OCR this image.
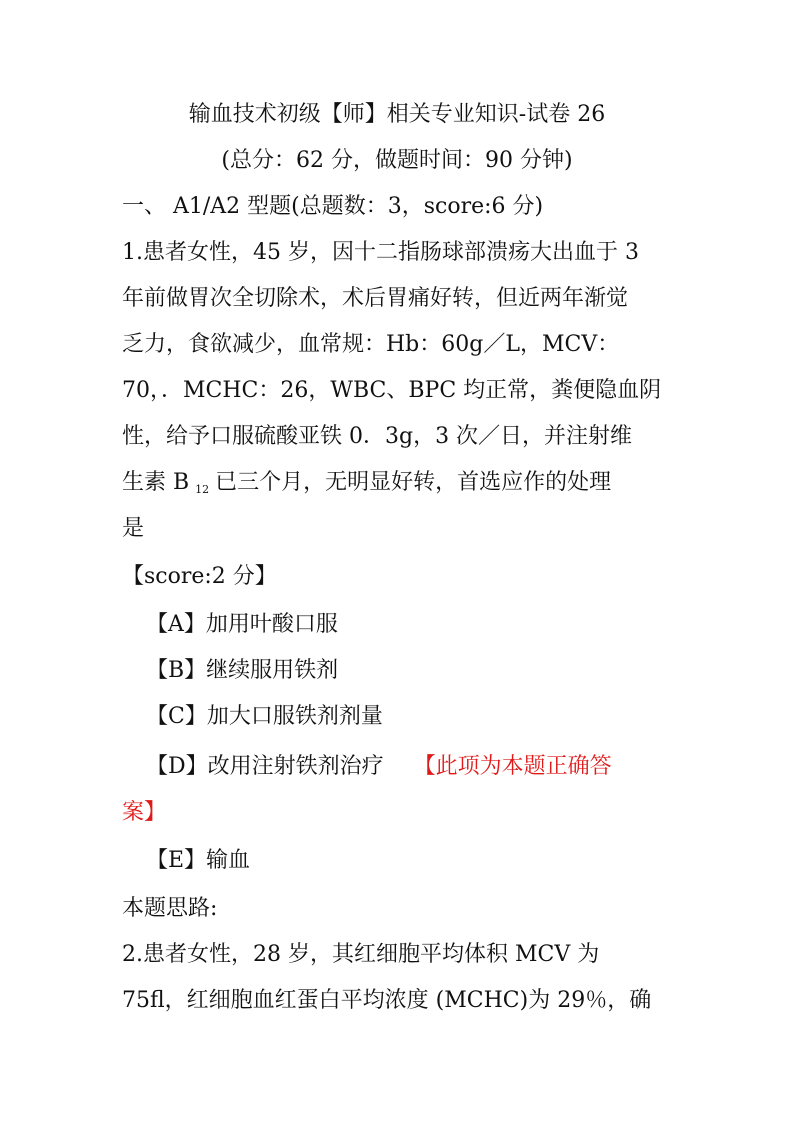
输血技术初级【师】相关专业知识-试卷 26
(总分：62 分，做题时间：90 分钟)
一、 A1/A2 型题(总题数：3，score:6 分)
1.患者女性，45 岁，因十二指肠球部溃疡大出血于 3
年前做胃次全切除术，术后胃痛好转，但近两年渐觉
乏力，食欲减少，血常规：Hb：60g／L，MCV：
70，．MCHC：26，WBC、BPC 均正常，粪便隐血阴
性，给予口服硫酸亚铁 0．3g，3 次／日，并注射维
生素 B $_{12}$ 已三个月，无明显好转，首选应作的处理
是
【score:2 分】
【A】加用叶酸口服
【B】继续服用铁剂
【C】加大口服铁剂剂量
【D】改用注射铁剂治疗 【此项为本题正确答
案】
【E】输血
本题思路:
2.患者女性，28 岁，其红细胞平均体积 MCV 为
75fl，红细胞血红蛋白平均浓度 (MCHC)为 29％，确
